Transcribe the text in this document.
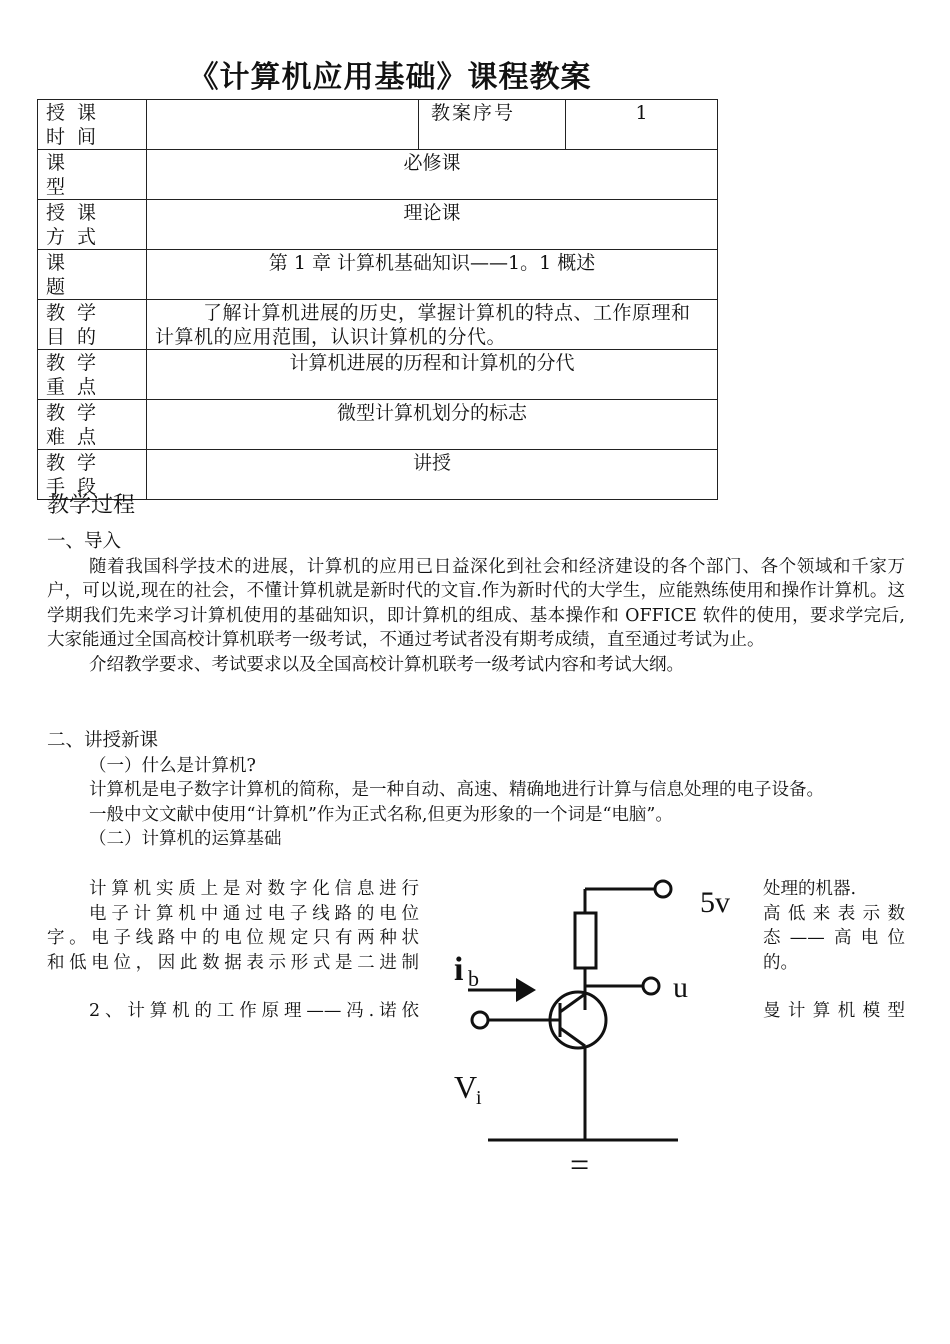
《计算机应用基础》课程教案
授课时间		教案序号	1
课型	必修课		
授课方式	理论课		
课题	第 1 章 计算机基础知识——1。1 概述		
教学目的	了解计算机进展的历史，掌握计算机的特点、工作原理和计算机的应用范围，认识计算机的分代。		
教学重点	计算机进展的历程和计算机的分代		
教学难点	微型计算机划分的标志		
教学手段	讲授		
教学过程

一、导入

随着我国科学技术的进展，计算机的应用已日益深化到社会和经济建设的各个部门、各个领域和千家万户，可以说,现在的社会，不懂计算机就是新时代的文盲.作为新时代的大学生，应能熟练使用和操作计算机。这学期我们先来学习计算机使用的基础知识，即计算机的组成、基本操作和 OFFICE 软件的使用，要求学完后,大家能通过全国高校计算机联考一级考试，不通过考试者没有期考成绩，直至通过考试为止。

介绍教学要求、考试要求以及全国高校计算机联考一级考试内容和考试大纲。

二、讲授新课

（一）什么是计算机?

计算机是电子数字计算机的简称，是一种自动、高速、精确地进行计算与信息处理的电子设备。

一般中文文献中使用“计算机”作为正式名称,但更为形象的一个词是“电脑”。

（二）计算机的运算基础

计算机实质上是对数字化信息进行

电子计算机中通过电子线路的电位

字。电子线路中的电位规定只有两种状

和低电位，因此数据表示形式是二进制

2、计算机的工作原理——冯.诺依

处理的机器.

高低来表示数

态——高电位

的。

曼计算机模型

5v
u
i b
V
i
=
